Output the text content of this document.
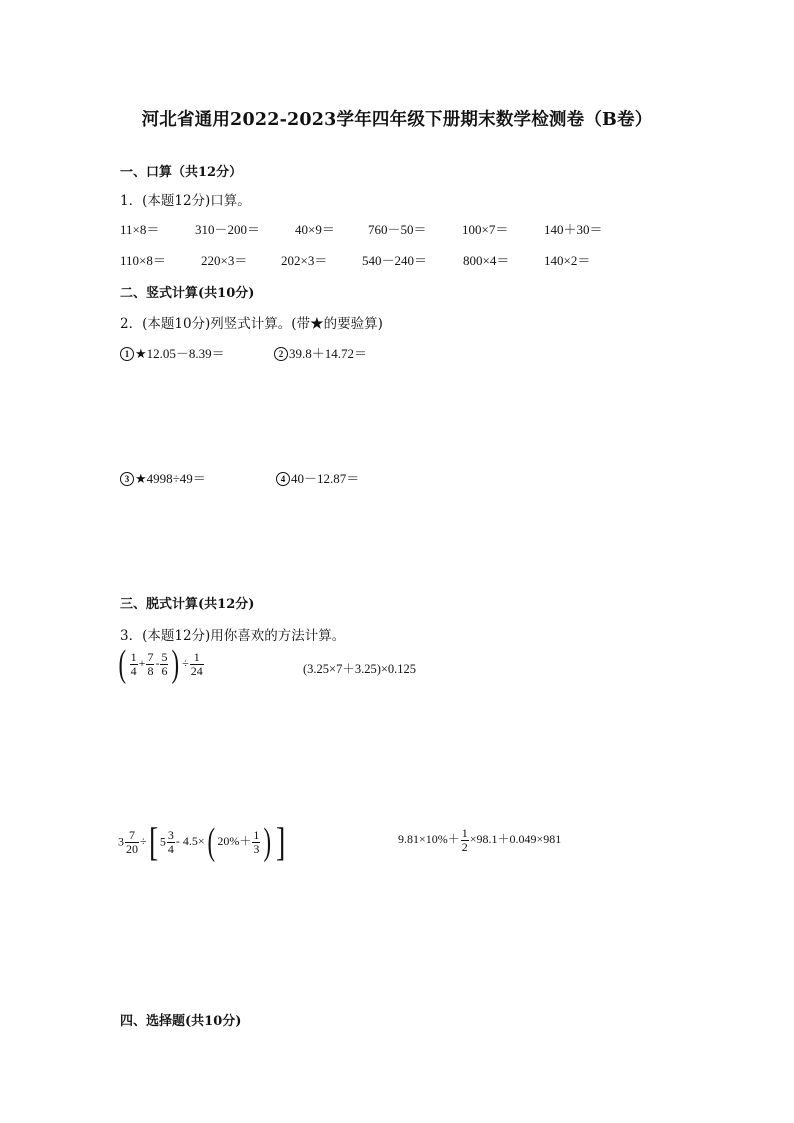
河北省通用2022-2023学年四年级下册期末数学检测卷（B卷）
一、口算（共12分）
1．(本题12分)口算。
11×8＝	310－200＝	40×9＝	760－50＝	100×7＝	140＋30＝
110×8＝	220×3＝	202×3＝	540－240＝	800×4＝	140×2＝
二、竖式计算(共10分)
2．(本题10分)列竖式计算。(带★的要验算)
1 ★12.05－8.39＝	2 39.8＋14.72＝
3 ★4998÷49＝	4 40－12.87＝
三、脱式计算(共12分)
3．(本题12分)用你喜欢的方法计算。
( $\frac{1}{4} + \frac{7}{8} - \frac{5}{6}$ ) ÷ $\frac{1}{24}$	(3.25×7＋3.25)×0.125
$3 \frac{7}{20}$ ÷[ $5 \frac{3}{4} - 4.5\times$( $20\%+ \frac{1}{3}$ ) ]	$9.81\times 10\%+ \frac{1}{2} \times 98.1+0.049\times 981$
四、选择题(共10分)
